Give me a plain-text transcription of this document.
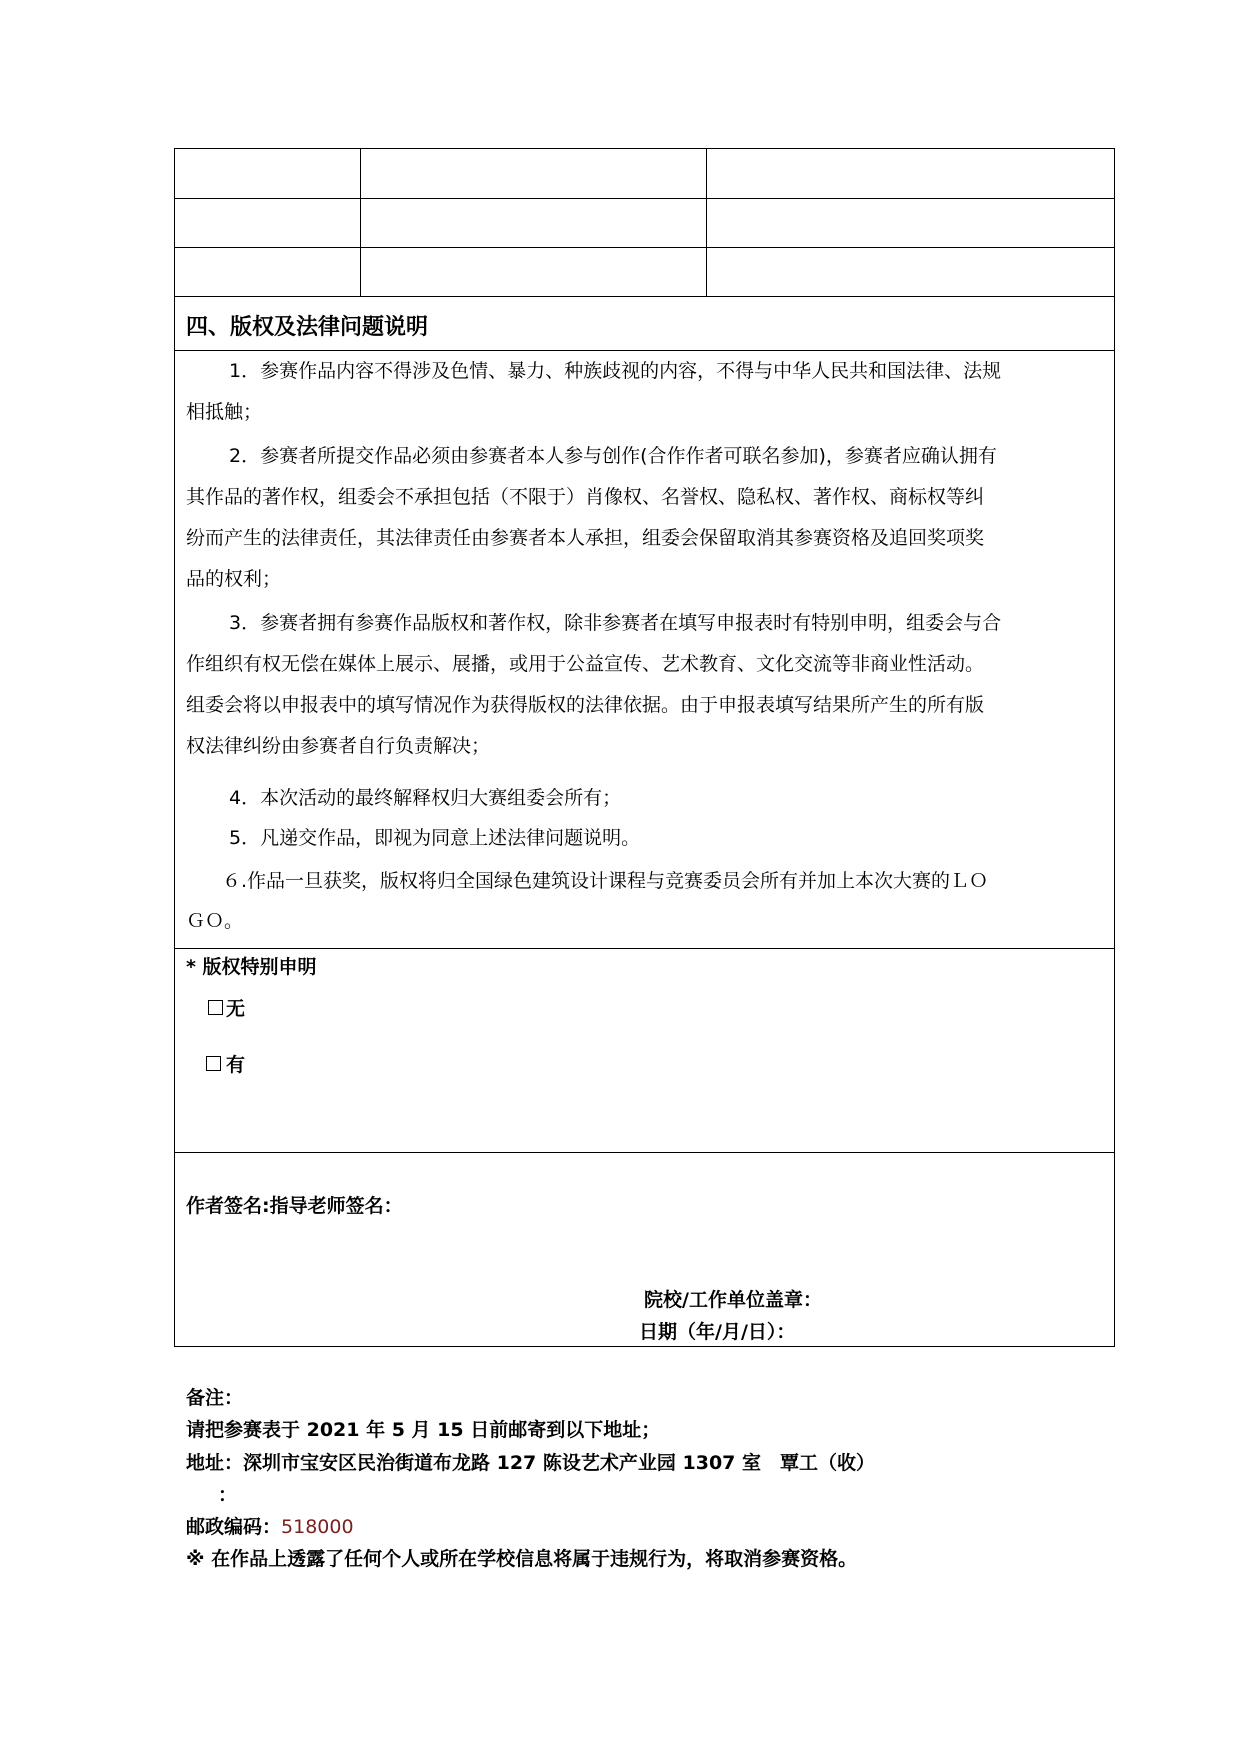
四、版权及法律问题说明
1．参赛作品内容不得涉及色情、暴力、种族歧视的内容，不得与中华人民共和国法律、法规
相抵触；
2．参赛者所提交作品必须由参赛者本人参与创作(合作作者可联名参加)，参赛者应确认拥有
其作品的著作权，组委会不承担包括（不限于）肖像权、名誉权、隐私权、著作权、商标权等纠
纷而产生的法律责任，其法律责任由参赛者本人承担，组委会保留取消其参赛资格及追回奖项奖
品的权利；
3．参赛者拥有参赛作品版权和著作权，除非参赛者在填写申报表时有特别申明，组委会与合
作组织有权无偿在媒体上展示、展播，或用于公益宣传、艺术教育、文化交流等非商业性活动。
组委会将以申报表中的填写情况作为获得版权的法律依据。由于申报表填写结果所产生的所有版
权法律纠纷由参赛者自行负责解决；
4．本次活动的最终解释权归大赛组委会所有；
5．凡递交作品，即视为同意上述法律问题说明。
６.作品一旦获奖，版权将归全国绿色建筑设计课程与竞赛委员会所有并加上本次大赛的ＬＯ
ＧＯ。
* 版权特别申明
无
有
作者签名:指导老师签名：
院校/工作单位盖章：
日期（年/月/日）：
备注：
请把参赛表于 2021 年 5 月 15 日前邮寄到以下地址；
地址：深圳市宝安区民治街道布龙路 127 陈设艺术产业园 1307 室　覃工（收）
：
邮政编码：518000
※ 在作品上透露了任何个人或所在学校信息将属于违规行为，将取消参赛资格。
